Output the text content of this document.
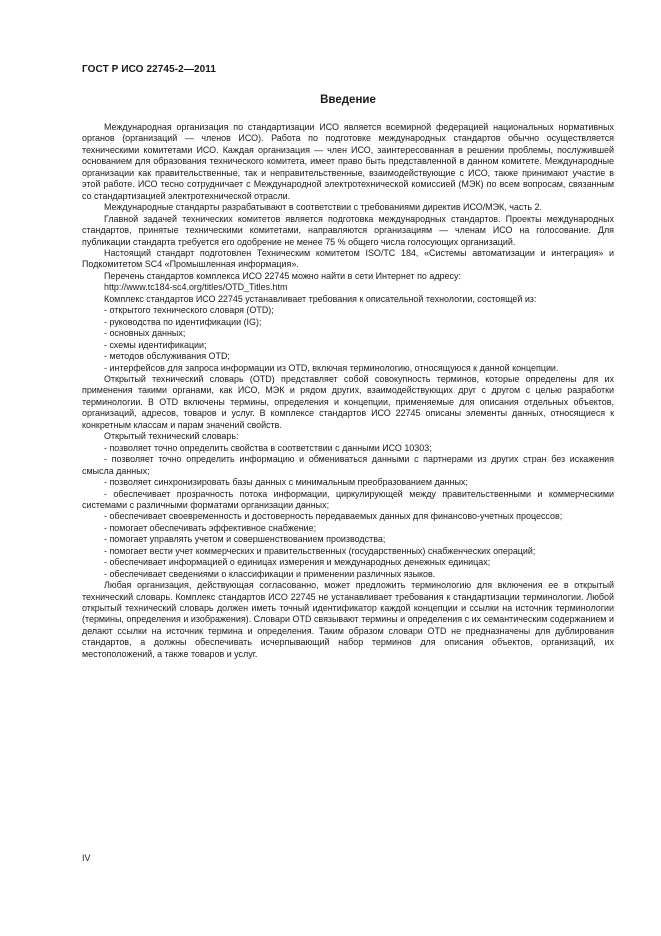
ГОСТ Р ИСО 22745-2—2011
Введение

Международная организация по стандартизации ИСО является всемирной федерацией национальных нормативных органов (организаций — членов ИСО). Работа по подготовке международных стандартов обычно осуществляется техническими комитетами ИСО. Каждая организация — член ИСО, заинтересованная в решении проблемы, послужившей основанием для образования технического комитета, имеет право быть представленной в данном комитете. Международные организации как правительственные, так и неправительственные, взаимодействующие с ИСО, также принимают участие в этой работе. ИСО тесно сотрудничает с Международной электротехнической комиссией (МЭК) по всем вопросам, связанным со стандартизацией электротехнической отрасли.

Международные стандарты разрабатывают в соответствии с требованиями директив ИСО/МЭК, часть 2.

Главной задачей технических комитетов является подготовка международных стандартов. Проекты международных стандартов, принятые техническими комитетами, направляются организациям — членам ИСО на голосование. Для публикации стандарта требуется его одобрение не менее 75 % общего числа голосующих организаций.

Настоящий стандарт подготовлен Техническим комитетом ISO/TC 184, «Системы автоматизации и интеграция» и Подкомитетом SC4 «Промышленная информация».

Перечень стандартов комплекса ИСО 22745 можно найти в сети Интернет по адресу:

http://www.tc184-sc4.org/titles/OTD_Titles.htm

Комплекс стандартов ИСО 22745 устанавливает требования к описательной технологии, состоящей из:

- открытого технического словаря (OTD);

- руководства по идентификации (IG);

- основных данных;

- схемы идентификации;

- методов обслуживания OTD;

- интерфейсов для запроса информации из OTD, включая терминологию, относящуюся к данной концепции.

Открытый технический словарь (OTD) представляет собой совокупность терминов, которые определены для их применения такими органами, как ИСО, МЭК и рядом других, взаимодействующих друг с другом с целью разработки терминологии. В OTD включены термины, определения и концепции, применяемые для описания отдельных объектов, организаций, адресов, товаров и услуг. В комплексе стандартов ИСО 22745 описаны элементы данных, относящиеся к конкретным классам и парам значений свойств.

Открытый технический словарь:

- позволяет точно определить свойства в соответствии с данными ИСО 10303;

- позволяет точно определить информацию и обмениваться данными с партнерами из других стран без искажения смысла данных;

- позволяет синхронизировать базы данных с минимальным преобразованием данных;

- обеспечивает прозрачность потока информации, циркулирующей между правительственными и коммерческими системами с различными форматами организации данных;

- обеспечивает своевременность и достоверность передаваемых данных для финансово-учетных процессов;

- помогает обеспечивать эффективное снабжение;

- помогает управлять учетом и совершенствованием производства;

- помогает вести учет коммерческих и правительственных (государственных) снабженческих операций;

- обеспечивает информацией о единицах измерения и международных денежных единицах;

- обеспечивает сведениями о классификации и применении различных языков.

Любая организация, действующая согласованно, может предложить терминологию для включения ее в открытый технический словарь. Комплекс стандартов ИСО 22745 не устанавливает требования к стандартизации терминологии. Любой открытый технический словарь должен иметь точный идентификатор каждой концепции и ссылки на источник терминологии (термины, определения и изображения). Словари OTD связывают термины и определения с их семантическим содержанием и делают ссылки на источник термина и определения. Таким образом словари OTD не предназначены для дублирования стандартов, а должны обеспечивать исчерпывающий набор терминов для описания объектов, организаций, их местоположений, а также товаров и услуг.

IV
